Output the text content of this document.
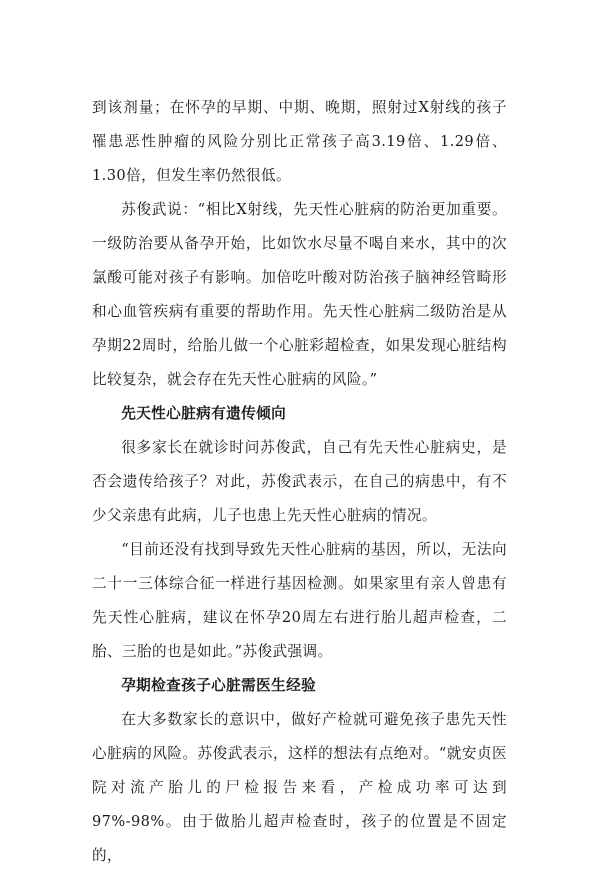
到该剂量；在怀孕的早期、中期、晚期，照射过X射线的孩子罹患恶性肿瘤的风险分别比正常孩子高3.19倍、1.29倍、1.30倍，但发生率仍然很低。

苏俊武说：“相比X射线，先天性心脏病的防治更加重要。一级防治要从备孕开始，比如饮水尽量不喝自来水，其中的次氯酸可能对孩子有影响。加倍吃叶酸对防治孩子脑神经管畸形和心血管疾病有重要的帮助作用。先天性心脏病二级防治是从孕期22周时，给胎儿做一个心脏彩超检查，如果发现心脏结构比较复杂，就会存在先天性心脏病的风险。”

先天性心脏病有遗传倾向

很多家长在就诊时问苏俊武，自己有先天性心脏病史，是否会遗传给孩子？对此，苏俊武表示，在自己的病患中，有不少父亲患有此病，儿子也患上先天性心脏病的情况。

“目前还没有找到导致先天性心脏病的基因，所以，无法向二十一三体综合征一样进行基因检测。如果家里有亲人曾患有先天性心脏病，建议在怀孕20周左右进行胎儿超声检查，二胎、三胎的也是如此。”苏俊武强调。

孕期检查孩子心脏需医生经验

在大多数家长的意识中，做好产检就可避免孩子患先天性心脏病的风险。苏俊武表示，这样的想法有点绝对。“就安贞医院对流产胎儿的尸检报告来看，产检成功率可达到97%-98%。由于做胎儿超声检查时，孩子的位置是不固定的，
